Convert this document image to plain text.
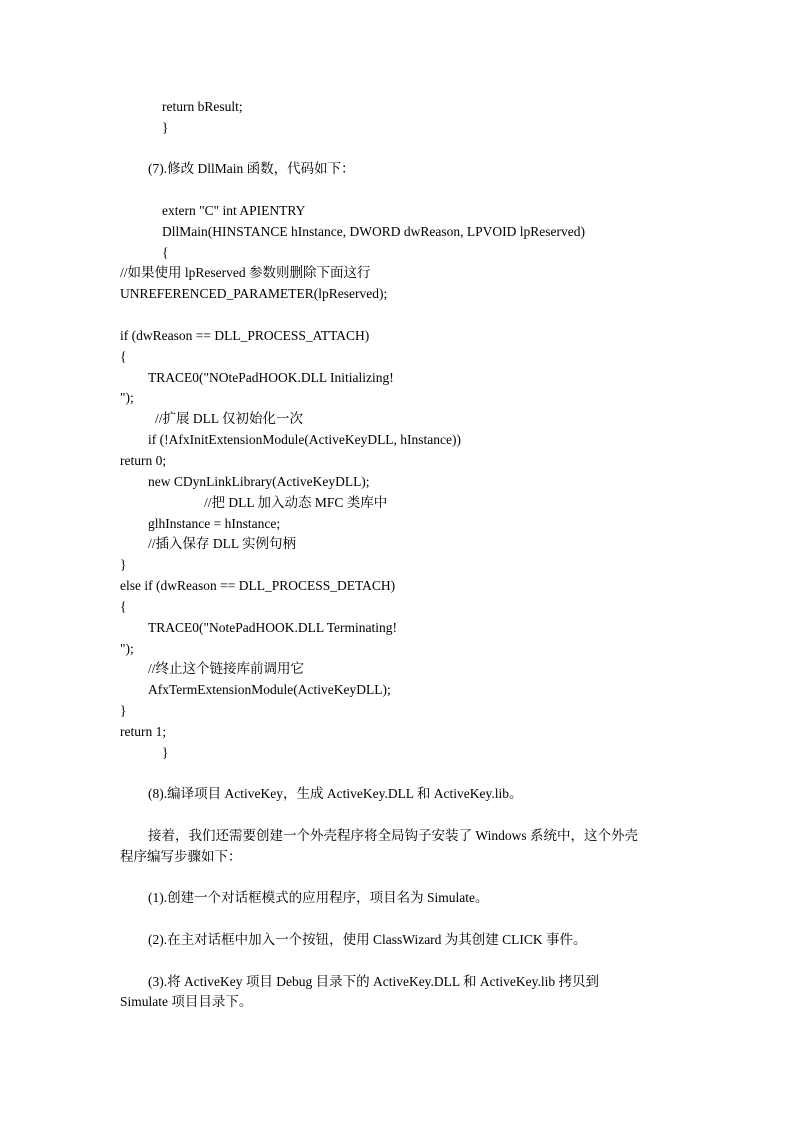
return bResult;
}
(7).修改 DllMain 函数，代码如下：
extern "C" int APIENTRY
DllMain(HINSTANCE hInstance, DWORD dwReason, LPVOID lpReserved)
{
//如果使用 lpReserved 参数则删除下面这行
UNREFERENCED_PARAMETER(lpReserved);
if (dwReason == DLL_PROCESS_ATTACH)
{
TRACE0("NOtePadHOOK.DLL Initializing!
");
//扩展 DLL 仅初始化一次
if (!AfxInitExtensionModule(ActiveKeyDLL, hInstance))
return 0;
new CDynLinkLibrary(ActiveKeyDLL);
//把 DLL 加入动态 MFC 类库中
glhInstance = hInstance;
//插入保存 DLL 实例句柄
}
else if (dwReason == DLL_PROCESS_DETACH)
{
TRACE0("NotePadHOOK.DLL Terminating!
");
//终止这个链接库前调用它
AfxTermExtensionModule(ActiveKeyDLL);
}
return 1;
}
(8).编译项目 ActiveKey，生成 ActiveKey.DLL 和 ActiveKey.lib。
接着，我们还需要创建一个外壳程序将全局钩子安装了 Windows 系统中，这个外壳
程序编写步骤如下：
(1).创建一个对话框模式的应用程序，项目名为 Simulate。
(2).在主对话框中加入一个按钮，使用 ClassWizard 为其创建 CLICK 事件。
(3).将 ActiveKey 项目 Debug 目录下的 ActiveKey.DLL 和 ActiveKey.lib 拷贝到
Simulate 项目目录下。
